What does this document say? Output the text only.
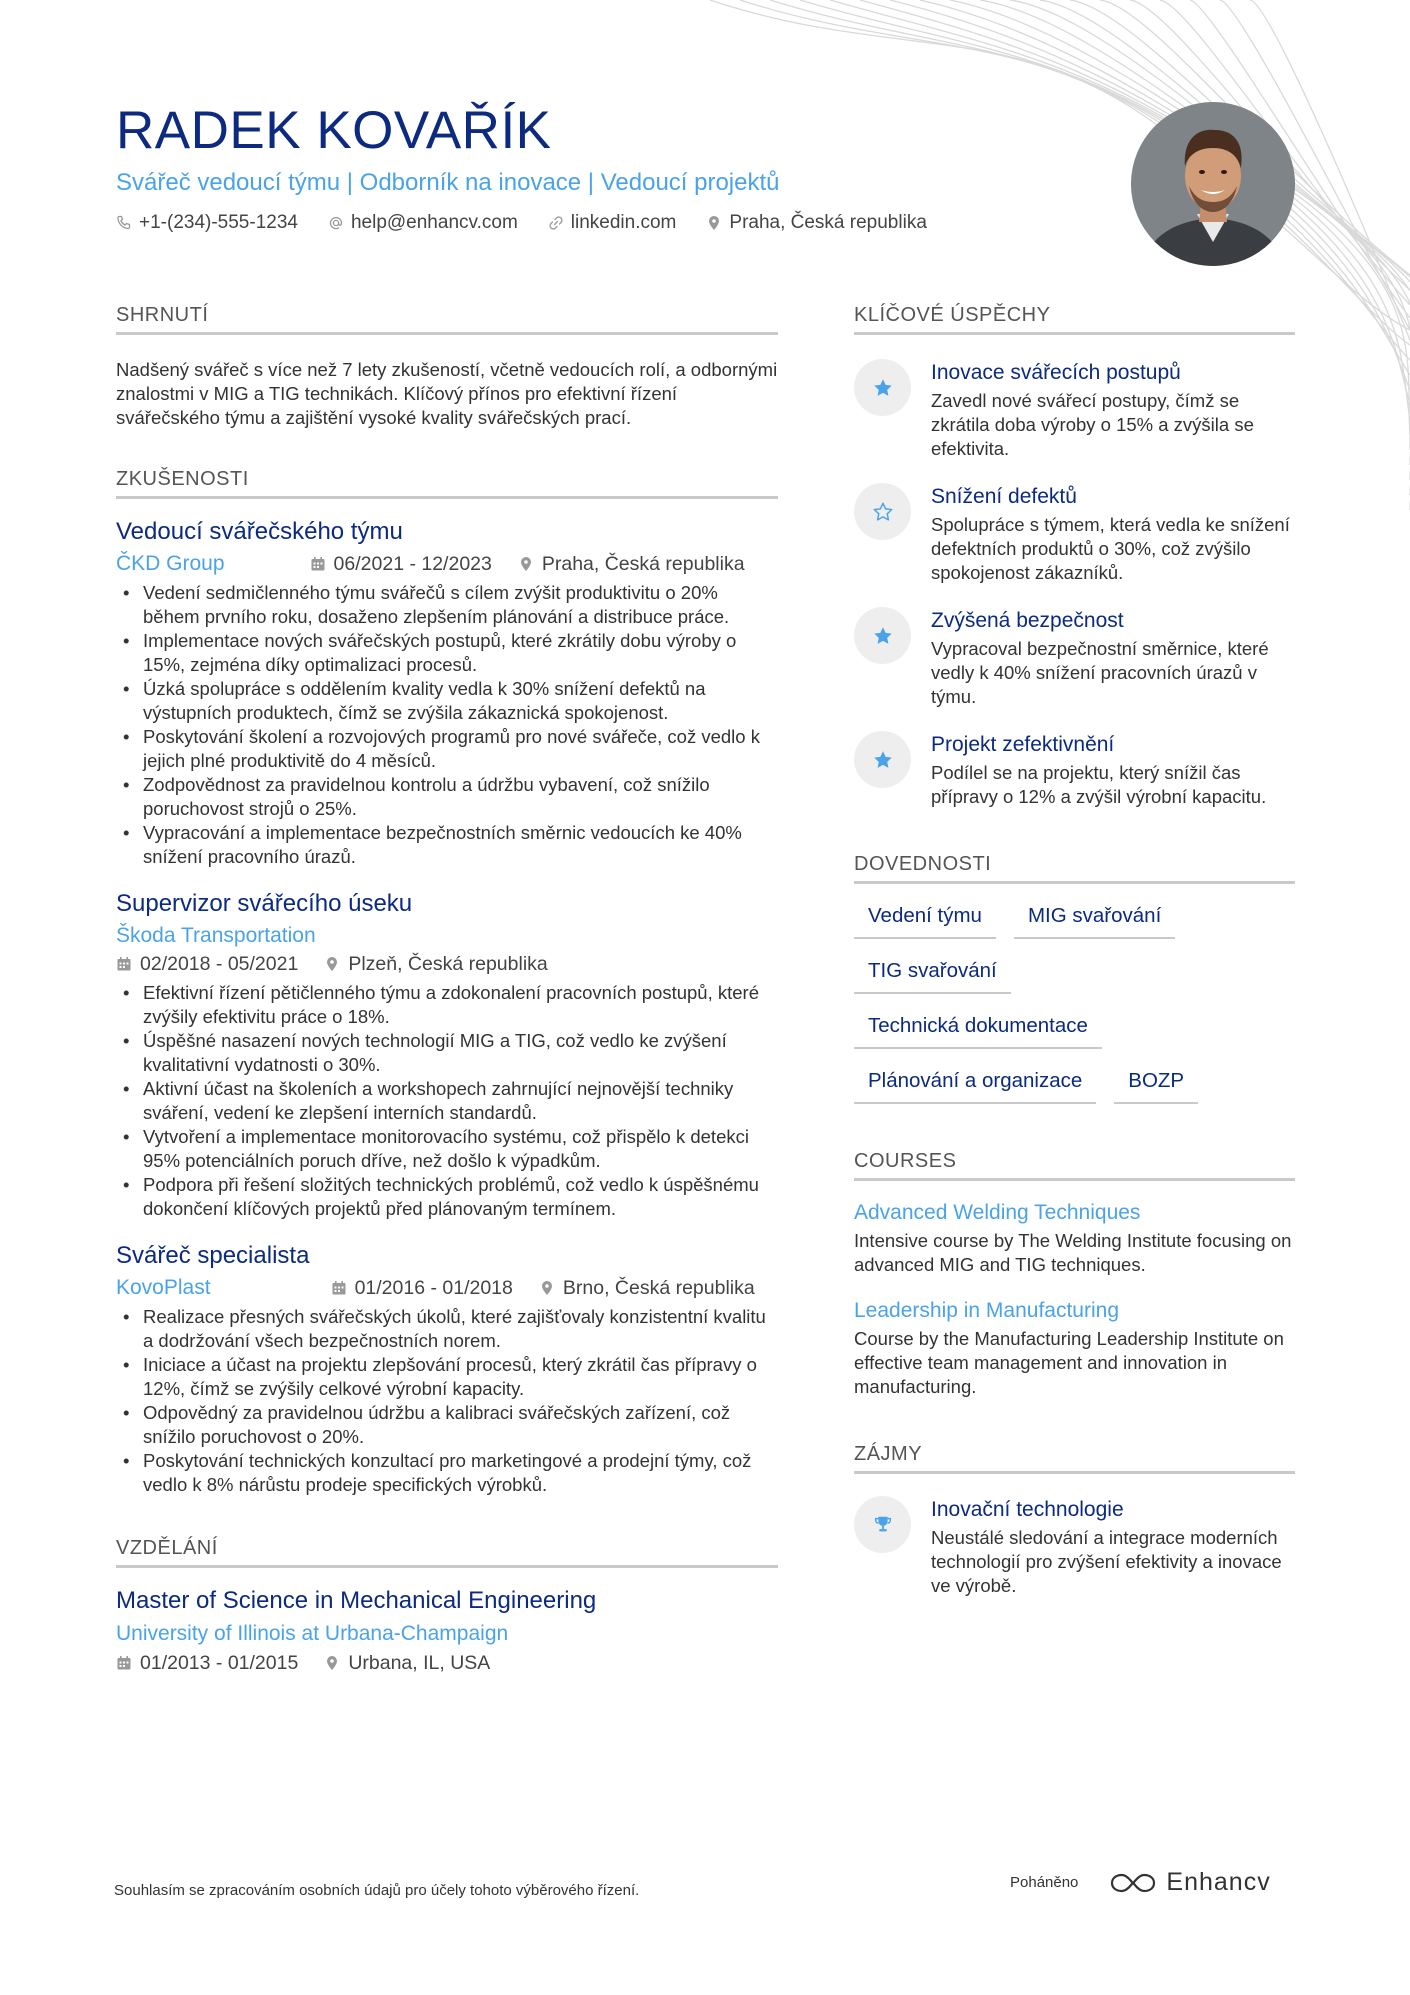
RADEK KOVAŘÍK
Svářeč vedoucí týmu | Odborník na inovace | Vedoucí projektů
+1-(234)-555-1234	help@enhancv.com	linkedin.com	Praha, Česká republika
SHRNUTÍ

Nadšený svářeč s více než 7 lety zkušeností, včetně vedoucích rolí, a odbornými znalostmi v MIG a TIG technikách. Klíčový přínos pro efektivní řízení svářečského týmu a zajištění vysoké kvality svářečských prací.

ZKUŠENOSTI
Vedoucí svářečského týmu
ČKD Group	06/2021 - 12/2023	Praha, Česká republika
• Vedení sedmičlenného týmu svářečů s cílem zvýšit produktivitu o 20% během prvního roku, dosaženo zlepšením plánování a distribuce práce.
• Implementace nových svářečských postupů, které zkrátily dobu výroby o 15%, zejména díky optimalizaci procesů.
• Úzká spolupráce s oddělením kvality vedla k 30% snížení defektů na výstupních produktech, čímž se zvýšila zákaznická spokojenost.
• Poskytování školení a rozvojových programů pro nové svářeče, což vedlo k jejich plné produktivitě do 4 měsíců.
• Zodpovědnost za pravidelnou kontrolu a údržbu vybavení, což snížilo poruchovost strojů o 25%.
• Vypracování a implementace bezpečnostních směrnic vedoucích ke 40% snížení pracovního úrazů.
Supervizor svářecího úseku
Škoda Transportation
02/2018 - 05/2021	Plzeň, Česká republika
• Efektivní řízení pětičlenného týmu a zdokonalení pracovních postupů, které zvýšily efektivitu práce o 18%.
• Úspěšné nasazení nových technologií MIG a TIG, což vedlo ke zvýšení kvalitativní vydatnosti o 30%.
• Aktivní účast na školeních a workshopech zahrnující nejnovější techniky sváření, vedení ke zlepšení interních standardů.
• Vytvoření a implementace monitorovacího systému, což přispělo k detekci 95% potenciálních poruch dříve, než došlo k výpadkům.
• Podpora při řešení složitých technických problémů, což vedlo k úspěšnému dokončení klíčových projektů před plánovaným termínem.
Svářeč specialista
KovoPlast	01/2016 - 01/2018	Brno, Česká republika
• Realizace přesných svářečských úkolů, které zajišťovaly konzistentní kvalitu a dodržování všech bezpečnostních norem.
• Iniciace a účast na projektu zlepšování procesů, který zkrátil čas přípravy o 12%, čímž se zvýšily celkové výrobní kapacity.
• Odpovědný za pravidelnou údržbu a kalibraci svářečských zařízení, což snížilo poruchovost o 20%.
• Poskytování technických konzultací pro marketingové a prodejní týmy, což vedlo k 8% nárůstu prodeje specifických výrobků.
VZDĚLÁNÍ
Master of Science in Mechanical Engineering
University of Illinois at Urbana-Champaign
01/2013 - 01/2015	Urbana, IL, USA
KLÍČOVÉ ÚSPĚCHY
Inovace svářecích postupů
Zavedl nové svářecí postupy, čímž se zkrátila doba výroby o 15% a zvýšila se efektivita.
Snížení defektů
Spolupráce s týmem, která vedla ke snížení defektních produktů o 30%, což zvýšilo spokojenost zákazníků.
Zvýšená bezpečnost
Vypracoval bezpečnostní směrnice, které vedly k 40% snížení pracovních úrazů v týmu.
Projekt zefektivnění
Podílel se na projektu, který snížil čas přípravy o 12% a zvýšil výrobní kapacitu.
DOVEDNOSTI
Vedení týmu	MIG svařování
TIG svařování
Technická dokumentace
Plánování a organizace	BOZP
COURSES
Advanced Welding Techniques
Intensive course by The Welding Institute focusing on advanced MIG and TIG techniques.
Leadership in Manufacturing
Course by the Manufacturing Leadership Institute on effective team management and innovation in manufacturing.
ZÁJMY
Inovační technologie
Neustálé sledování a integrace moderních technologií pro zvýšení efektivity a inovace ve výrobě.
Souhlasím se zpracováním osobních údajů pro účely tohoto výběrového řízení.	Poháněno	Enhancv
